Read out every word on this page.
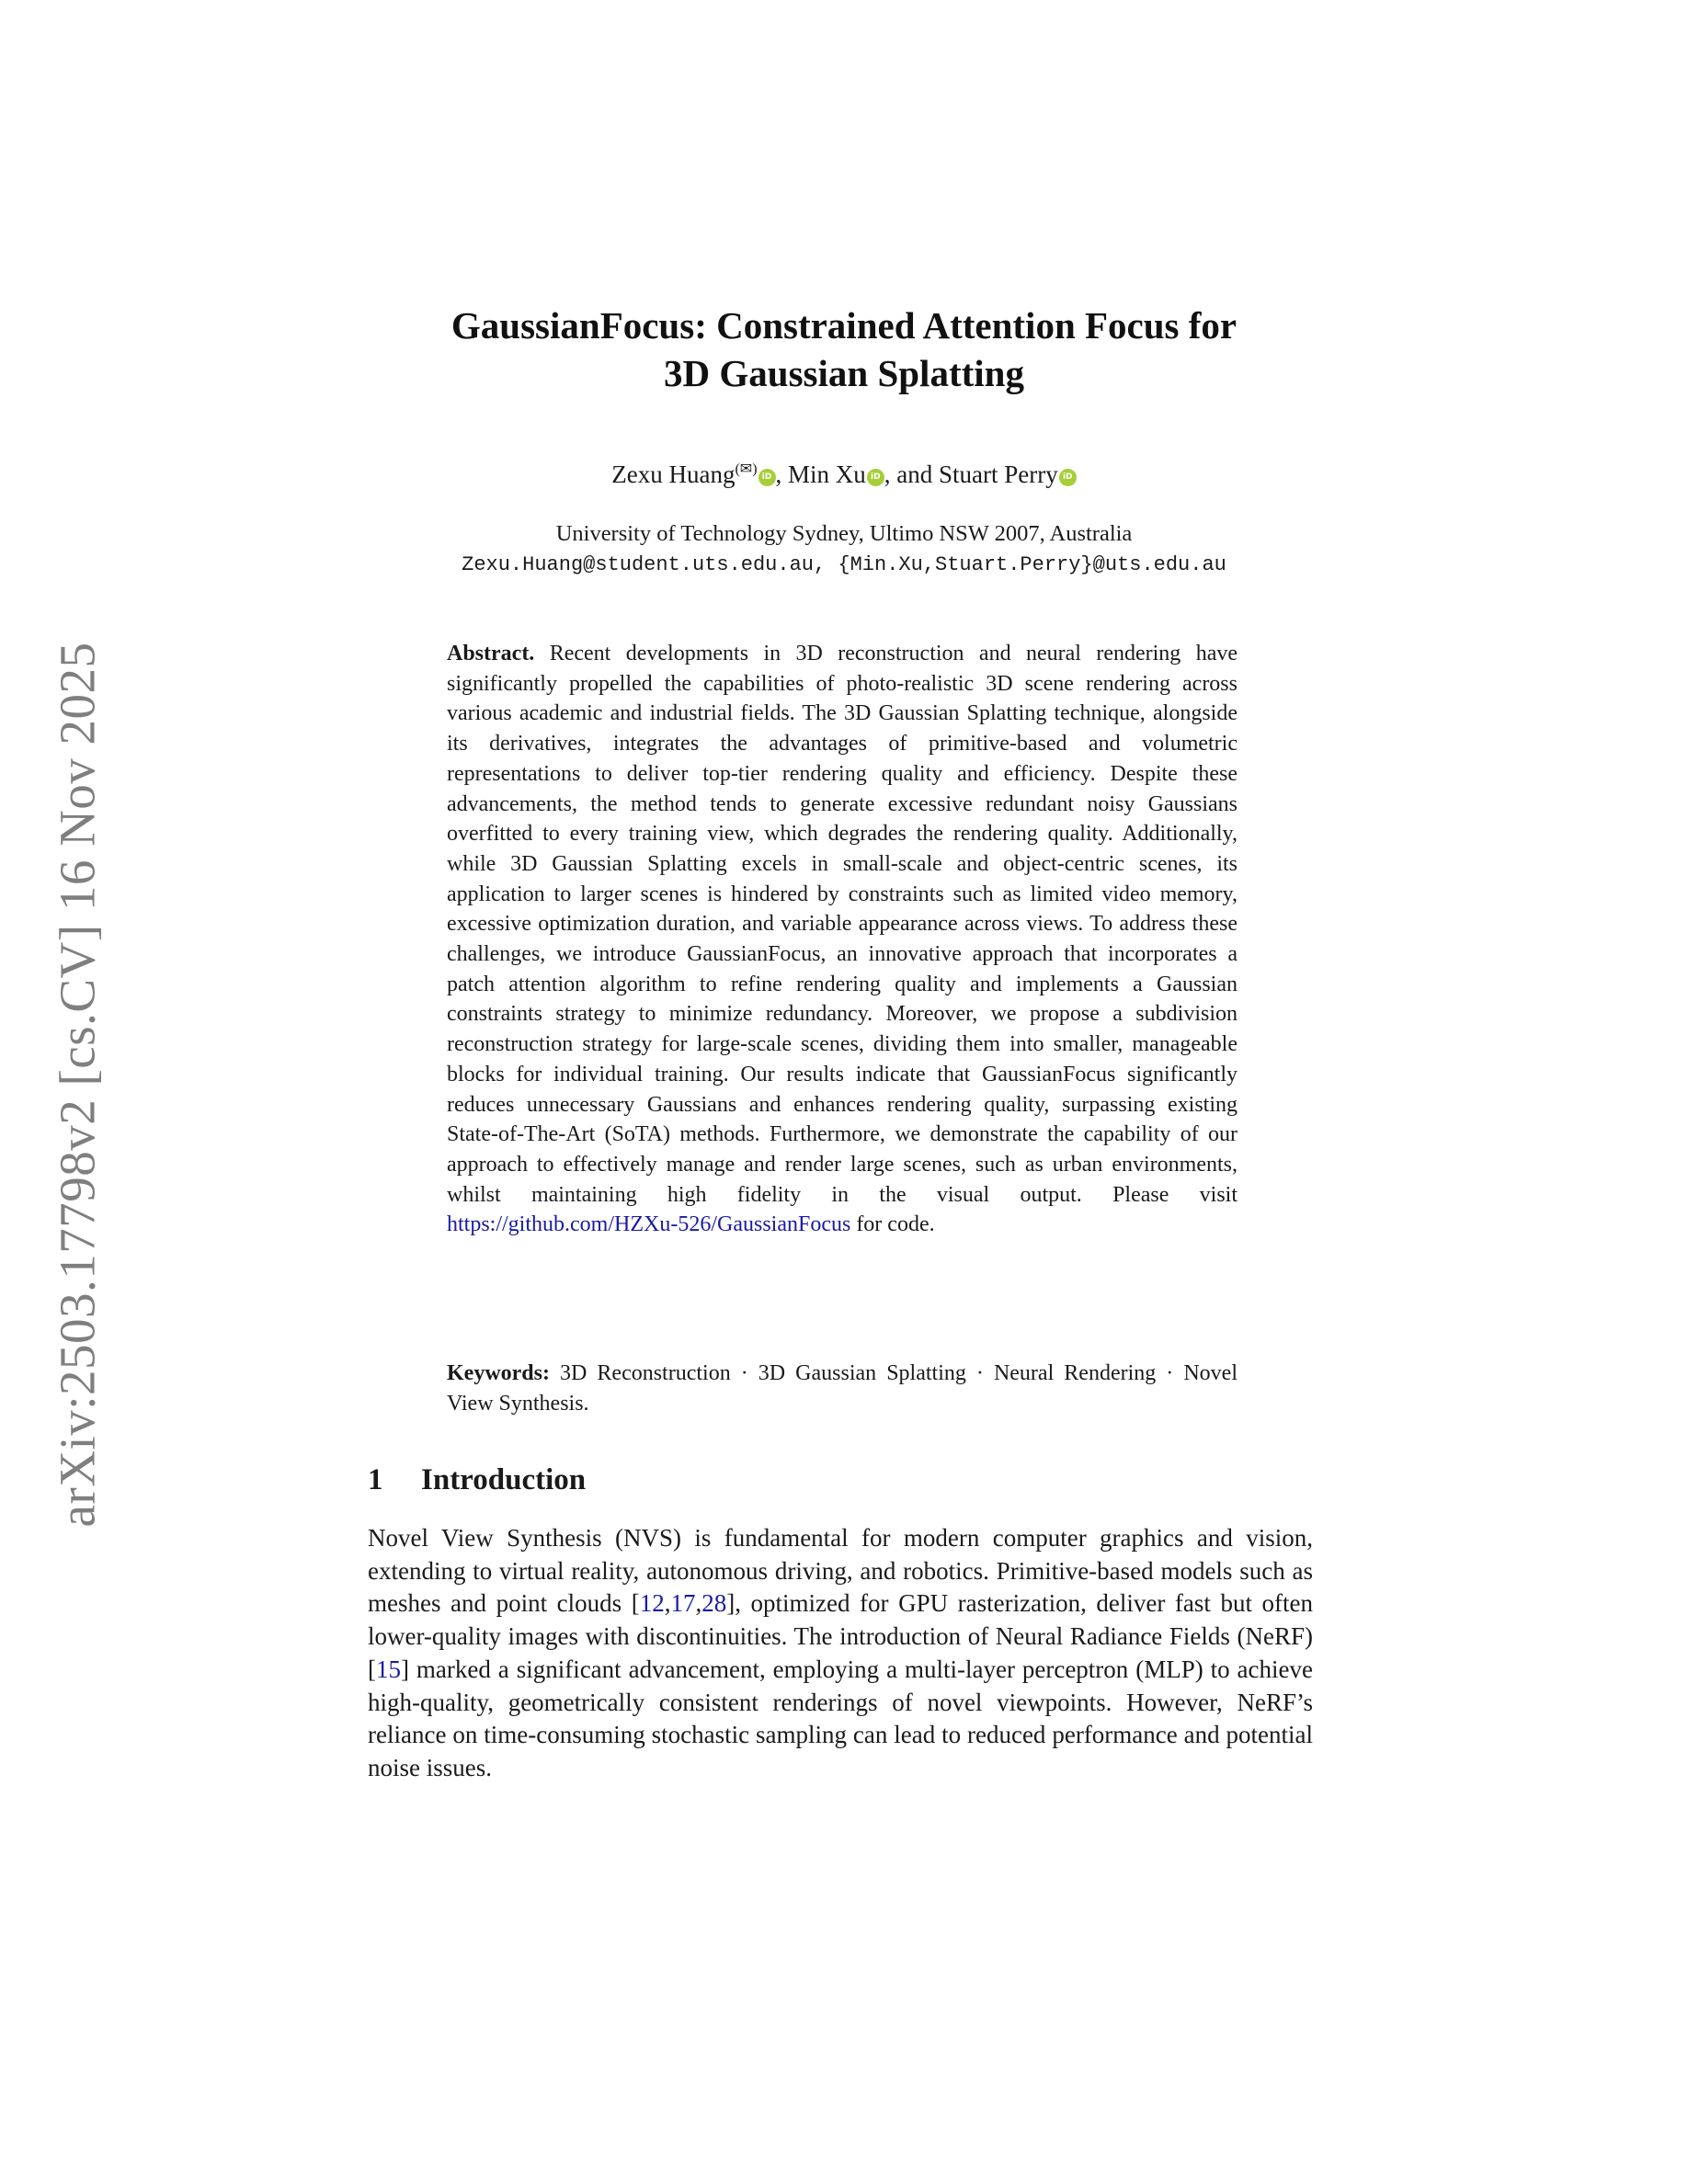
arXiv:2503.17798v2 [cs.CV] 16 Nov 2025
GaussianFocus: Constrained Attention Focus for
3D Gaussian Splatting
Zexu Huang(✉) iD , Min Xu iD , and Stuart Perry iD
University of Technology Sydney, Ultimo NSW 2007, Australia
Zexu.Huang@student.uts.edu.au, {Min.Xu,Stuart.Perry}@uts.edu.au
Abstract. Recent developments in 3D reconstruction and neural rendering have significantly propelled the capabilities of photo-realistic 3D scene rendering across various academic and industrial fields. The 3D Gaussian Splatting technique, alongside its derivatives, integrates the advantages of primitive-based and volumetric representations to deliver top-tier rendering quality and efficiency. Despite these advancements, the method tends to generate excessive redundant noisy Gaussians overfitted to every training view, which degrades the rendering quality. Additionally, while 3D Gaussian Splatting excels in small-scale and object-centric scenes, its application to larger scenes is hindered by constraints such as limited video memory, excessive optimization duration, and variable appearance across views. To address these challenges, we introduce GaussianFocus, an innovative approach that incorporates a patch attention algorithm to refine rendering quality and implements a Gaussian constraints strategy to minimize redundancy. Moreover, we propose a subdivision reconstruction strategy for large-scale scenes, dividing them into smaller, manageable blocks for individual training. Our results indicate that GaussianFocus significantly reduces unnecessary Gaussians and enhances rendering quality, surpassing existing State-of-The-Art (SoTA) methods. Furthermore, we demonstrate the capability of our approach to effectively manage and render large scenes, such as urban environments, whilst maintaining high fidelity in the visual output. Please visit https://github.com/HZXu-526/GaussianFocus for code.
Keywords: 3D Reconstruction · 3D Gaussian Splatting · Neural Rendering · Novel View Synthesis.
1 Introduction
Novel View Synthesis (NVS) is fundamental for modern computer graphics and vision, extending to virtual reality, autonomous driving, and robotics. Primitive-based models such as meshes and point clouds [12,17,28], optimized for GPU rasterization, deliver fast but often lower-quality images with discontinuities. The introduction of Neural Radiance Fields (NeRF) [15] marked a significant advancement, employing a multi-layer perceptron (MLP) to achieve high-quality, geometrically consistent renderings of novel viewpoints. However, NeRF’s reliance on time-consuming stochastic sampling can lead to reduced performance and potential noise issues.
